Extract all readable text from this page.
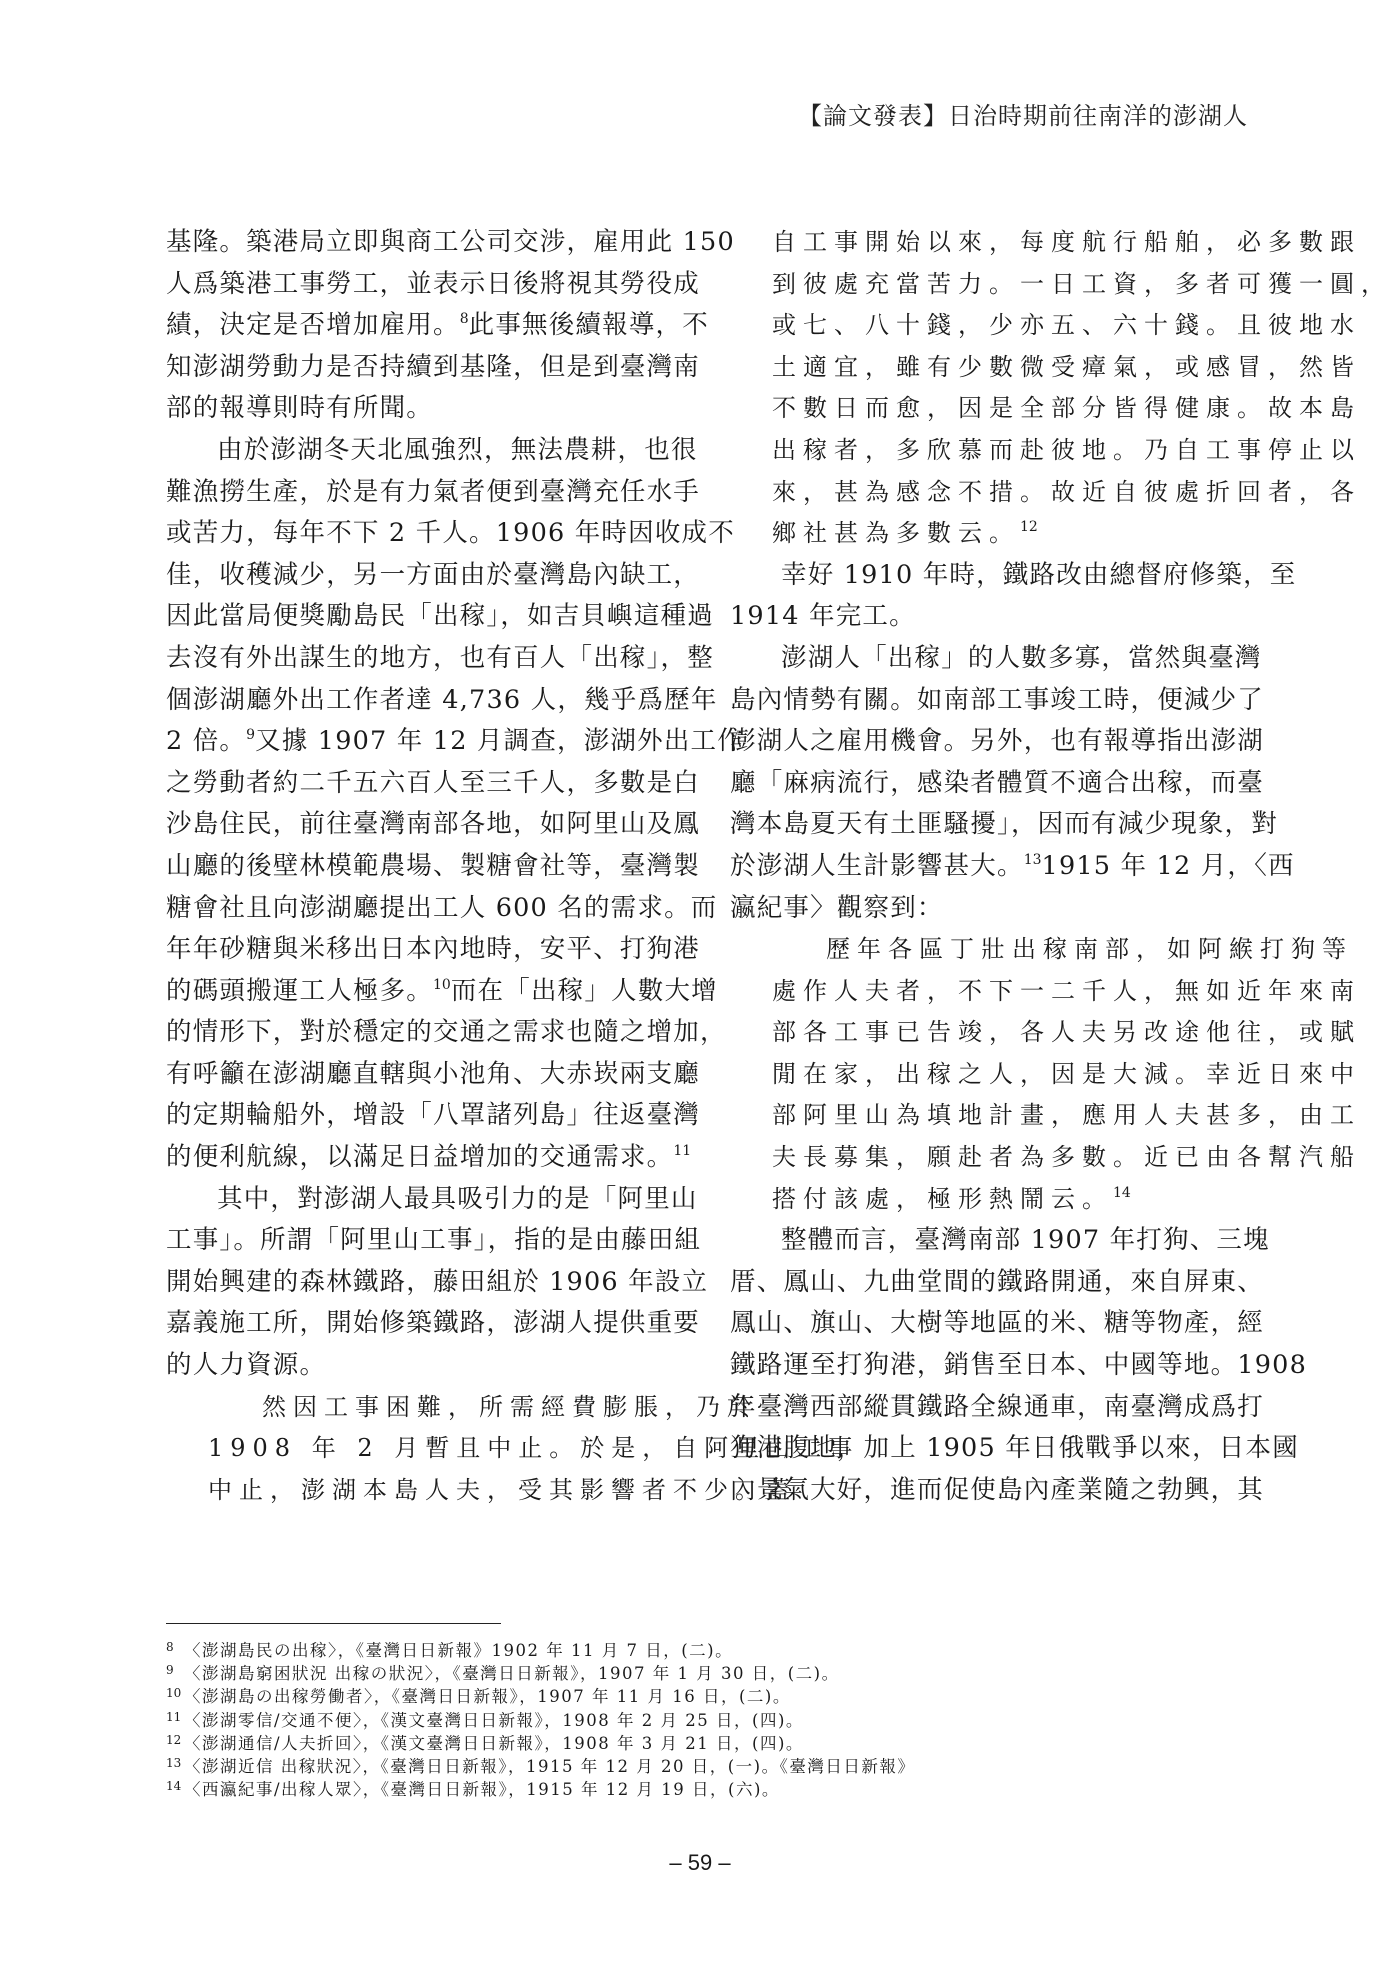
【論文發表】日治時期前往南洋的澎湖人
基隆。築港局立即與商工公司交涉，雇用此 150
人爲築港工事勞工，並表示日後將視其勞役成
績，決定是否增加雇用。$^8$此事無後續報導，不
知澎湖勞動力是否持續到基隆，但是到臺灣南
部的報導則時有所聞。
由於澎湖冬天北風強烈，無法農耕，也很
難漁撈生產，於是有力氣者便到臺灣充任水手
或苦力，每年不下 2 千人。1906 年時因收成不
佳，收穫減少，另一方面由於臺灣島內缺工，
因此當局便獎勵島民「出稼」，如吉貝嶼這種過
去沒有外出謀生的地方，也有百人「出稼」，整
個澎湖廳外出工作者達 4,736 人，幾乎爲歷年
2 倍。$^9$又據 1907 年 12 月調查，澎湖外出工作
之勞動者約二千五六百人至三千人，多數是白
沙島住民，前往臺灣南部各地，如阿里山及鳳
山廳的後壁林模範農場、製糖會社等，臺灣製
糖會社且向澎湖廳提出工人 600 名的需求。而
年年砂糖與米移出日本內地時，安平、打狗港
的碼頭搬運工人極多。$^{10}$而在「出稼」人數大增
的情形下，對於穩定的交通之需求也隨之增加，
有呼籲在澎湖廳直轄與小池角、大赤崁兩支廳
的定期輪船外，增設「八罩諸列島」往返臺灣
的便利航線，以滿足日益增加的交通需求。$^{11}$
其中，對澎湖人最具吸引力的是「阿里山
工事」。所謂「阿里山工事」，指的是由藤田組
開始興建的森林鐵路，藤田組於 1906 年設立
嘉義施工所，開始修築鐵路，澎湖人提供重要
的人力資源。
然因工事困難，所需經費膨脹，乃於
1908 年 2 月暫且中止。於是，自阿里山工事
中止，澎湖本島人夫，受其影響者不少。蓋
自工事開始以來，每度航行船舶，必多數跟
到彼處充當苦力。一日工資，多者可獲一圓，
或七、八十錢，少亦五、六十錢。且彼地水
土適宜，雖有少數微受瘴氣，或感冒，然皆
不數日而愈，因是全部分皆得健康。故本島
出稼者，多欣慕而赴彼地。乃自工事停止以
來，甚為感念不措。故近自彼處折回者，各
鄉社甚為多數云。$^{12}$
幸好 1910 年時，鐵路改由總督府修築，至
1914 年完工。
澎湖人「出稼」的人數多寡，當然與臺灣
島內情勢有關。如南部工事竣工時，便減少了
澎湖人之雇用機會。另外，也有報導指出澎湖
廳「麻病流行，感染者體質不適合出稼，而臺
灣本島夏天有土匪騷擾」，因而有減少現象，對
於澎湖人生計影響甚大。$^{13}$1915 年 12 月，〈西
瀛紀事〉觀察到：
歷年各區丁壯出稼南部，如阿緱打狗等
處作人夫者，不下一二千人，無如近年來南
部各工事已告竣，各人夫另改途他往，或賦
閒在家，出稼之人，因是大減。幸近日來中
部阿里山為填地計畫，應用人夫甚多，由工
夫長募集，願赴者為多數。近已由各幫汽船
搭付該處，極形熱鬧云。$^{14}$
整體而言，臺灣南部 1907 年打狗、三塊
厝、鳳山、九曲堂間的鐵路開通，來自屏東、
鳳山、旗山、大樹等地區的米、糖等物產，經
鐵路運至打狗港，銷售至日本、中國等地。1908
年臺灣西部縱貫鐵路全線通車，南臺灣成爲打
狗港腹地，加上 1905 年日俄戰爭以來，日本國
內景氣大好，進而促使島內產業隨之勃興，其
8 〈澎湖島民の出稼〉，《臺灣日日新報》1902 年 11 月 7 日，(二)。
9 〈澎湖島窮困狀況 出稼の狀況〉，《臺灣日日新報》，1907 年 1 月 30 日，(二)。
10 〈澎湖島の出稼勞働者〉，《臺灣日日新報》，1907 年 11 月 16 日，(二)。
11 〈澎湖零信/交通不便〉，《漢文臺灣日日新報》，1908 年 2 月 25 日，(四)。
12 〈澎湖通信/人夫折回〉，《漢文臺灣日日新報》，1908 年 3 月 21 日，(四)。
13 〈澎湖近信 出稼狀況〉，《臺灣日日新報》，1915 年 12 月 20 日，(一)。《臺灣日日新報》
14 〈西瀛紀事/出稼人眾〉，《臺灣日日新報》，1915 年 12 月 19 日，(六)。
– 59 –
